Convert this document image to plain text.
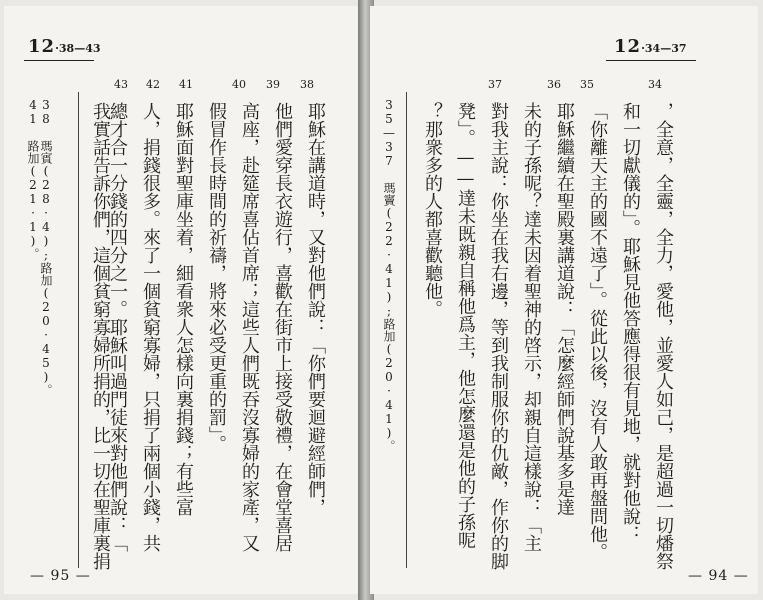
12·38—43
38 瑪賓(28·4);路加(20·45)。
41 路加(21·1)。
38
39
40
41
42
43
耶穌在講道時，又對他們說：「你們要迴避經師們，
他們愛穿長衣遊行，喜歡在街市上接受敬禮，在會堂喜居
高座，赴筵席喜佔首席；這些人們既吞沒寡婦的家產，又
假冒作長時間的祈禱，將來必受更重的罰」。
耶穌面對聖庫坐着，細看衆人怎樣向裏捐錢；有些富
人，捐錢很多。來了一個貧窮寡婦，只捐了兩個小錢，共
總才合一分錢的四分之一。耶穌叫過門徒來對他們說：「
我實話告訴你們，這個貧窮寡婦所捐的，比一切在聖庫裏捐
— 95 —
12·34—37
34
35
36
37
，全意，全靈，全力，愛他，並愛人如己，是超過一切燔祭
和一切獻儀的」。耶穌見他答應得很有見地，就對他說：
「你離天主的國不遠了」。從此以後，沒有人敢再盤問他。
耶穌繼續在聖殿裏講道說：「怎麼經師們說基多是達
未的子孫呢？達未因着聖神的啓示，却親自這樣說：「主
對我主說：你坐在我右邊，等到我制服你的仇敵，作你的脚
凳」。——達未既親自稱他爲主，他怎麼還是他的子孫呢
？那衆多的人都喜歡聽他。
35—37 瑪竇(22·41);路加(20·41)。
— 94 —
